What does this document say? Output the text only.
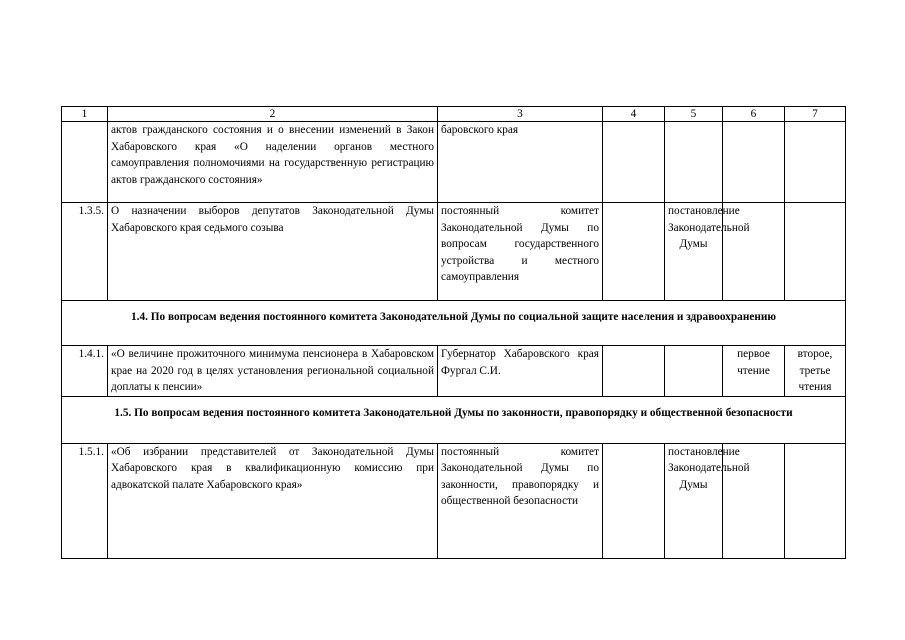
1	2	3	4	5	6	7
	актов гражданского состояния и о внесении изменений в Закон Хабаровского края «О наделении органов местного самоуправления полномочиями на государственную регистрацию актов гражданского состояния»	баровского края				
1.3.5.	О назначении выборов депутатов Законодательной Думы Хабаровского края седьмого созыва	постоянный комитет Законодательной Думы по вопросам государственного устройства и местного самоуправления		постановление Законодательной Думы		
1.4. По вопросам ведения постоянного комитета Законодательной Думы по социальной защите населения и здравоохранению						
1.4.1.	«О величине прожиточного минимума пенсионера в Хабаровском крае на 2020 год в целях установления региональной социальной доплаты к пенсии»	Губернатор Хабаровского края Фургал С.И.			первое чтение	второе, третье чтения
1.5. По вопросам ведения постоянного комитета Законодательной Думы по законности, правопорядку и общественной безопасности						
1.5.1.	«Об избрании представителей от Законодательной Думы Хабаровского края в квалификационную комиссию при адвокатской палате Хабаровского края»	постоянный комитет Законодательной Думы по законности, правопорядку и общественной безопасности		постановление Законодательной Думы		
